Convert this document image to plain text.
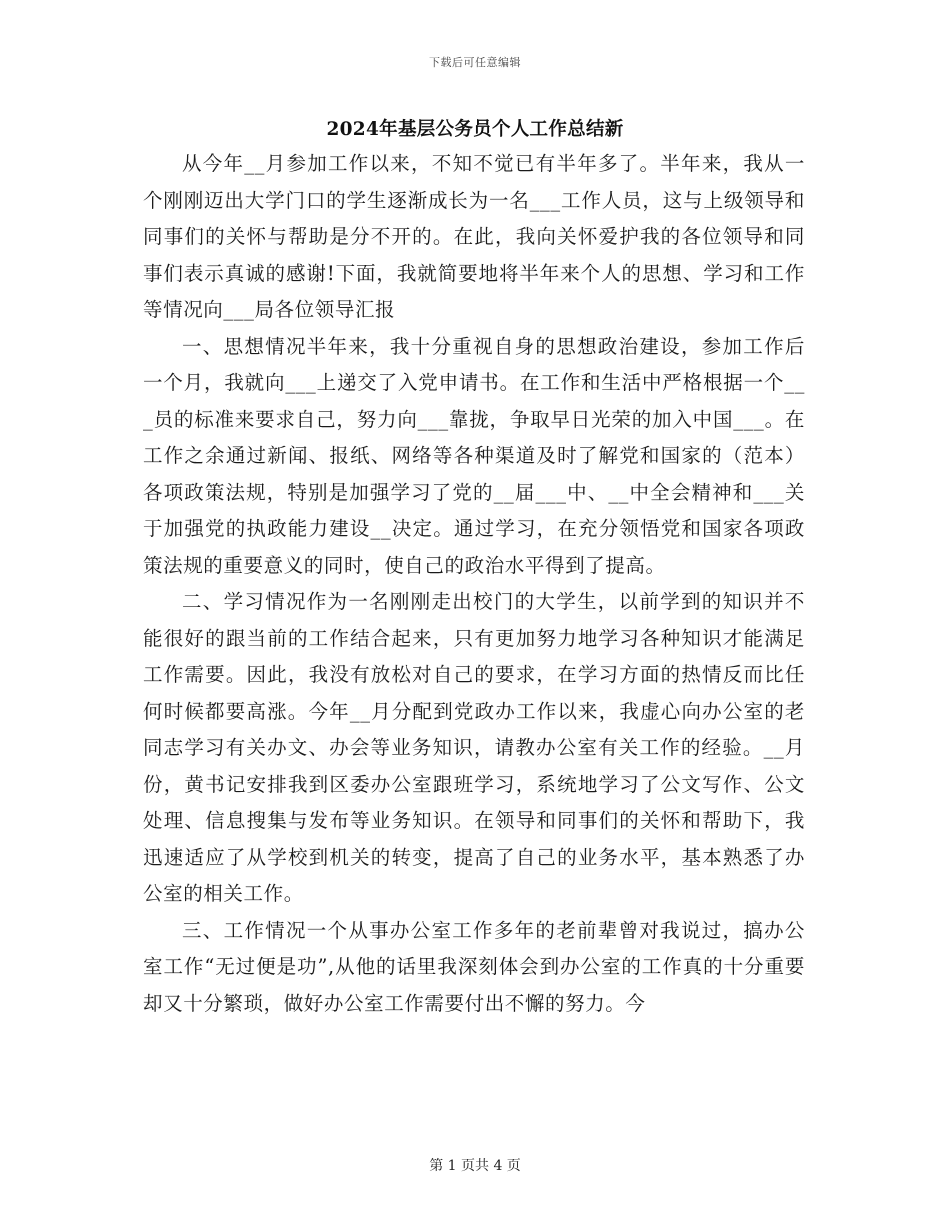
下载后可任意编辑
2024年基层公务员个人工作总结新

从今年__月参加工作以来，不知不觉已有半年多了。半年来，我从一个刚刚迈出大学门口的学生逐渐成长为一名___工作人员，这与上级领导和同事们的关怀与帮助是分不开的。在此，我向关怀爱护我的各位领导和同事们表示真诚的感谢!下面，我就简要地将半年来个人的思想、学习和工作等情况向___局各位领导汇报

一、思想情况半年来，我十分重视自身的思想政治建设，参加工作后一个月，我就向___上递交了入党申请书。在工作和生活中严格根据一个___员的标准来要求自己，努力向___靠拢，争取早日光荣的加入中国___。在工作之余通过新闻、报纸、网络等各种渠道及时了解党和国家的（范本）各项政策法规，特别是加强学习了党的__届___中、__中全会精神和___关于加强党的执政能力建设__决定。通过学习，在充分领悟党和国家各项政策法规的重要意义的同时，使自己的政治水平得到了提高。

二、学习情况作为一名刚刚走出校门的大学生，以前学到的知识并不能很好的跟当前的工作结合起来，只有更加努力地学习各种知识才能满足工作需要。因此，我没有放松对自己的要求，在学习方面的热情反而比任何时候都要高涨。今年__月分配到党政办工作以来，我虚心向办公室的老同志学习有关办文、办会等业务知识，请教办公室有关工作的经验。__月份，黄书记安排我到区委办公室跟班学习，系统地学习了公文写作、公文处理、信息搜集与发布等业务知识。在领导和同事们的关怀和帮助下，我迅速适应了从学校到机关的转变，提高了自己的业务水平，基本熟悉了办公室的相关工作。

三、工作情况一个从事办公室工作多年的老前辈曾对我说过，搞办公室工作“无过便是功”,从他的话里我深刻体会到办公室的工作真的十分重要却又十分繁琐，做好办公室工作需要付出不懈的努力。今

第 1 页共 4 页
